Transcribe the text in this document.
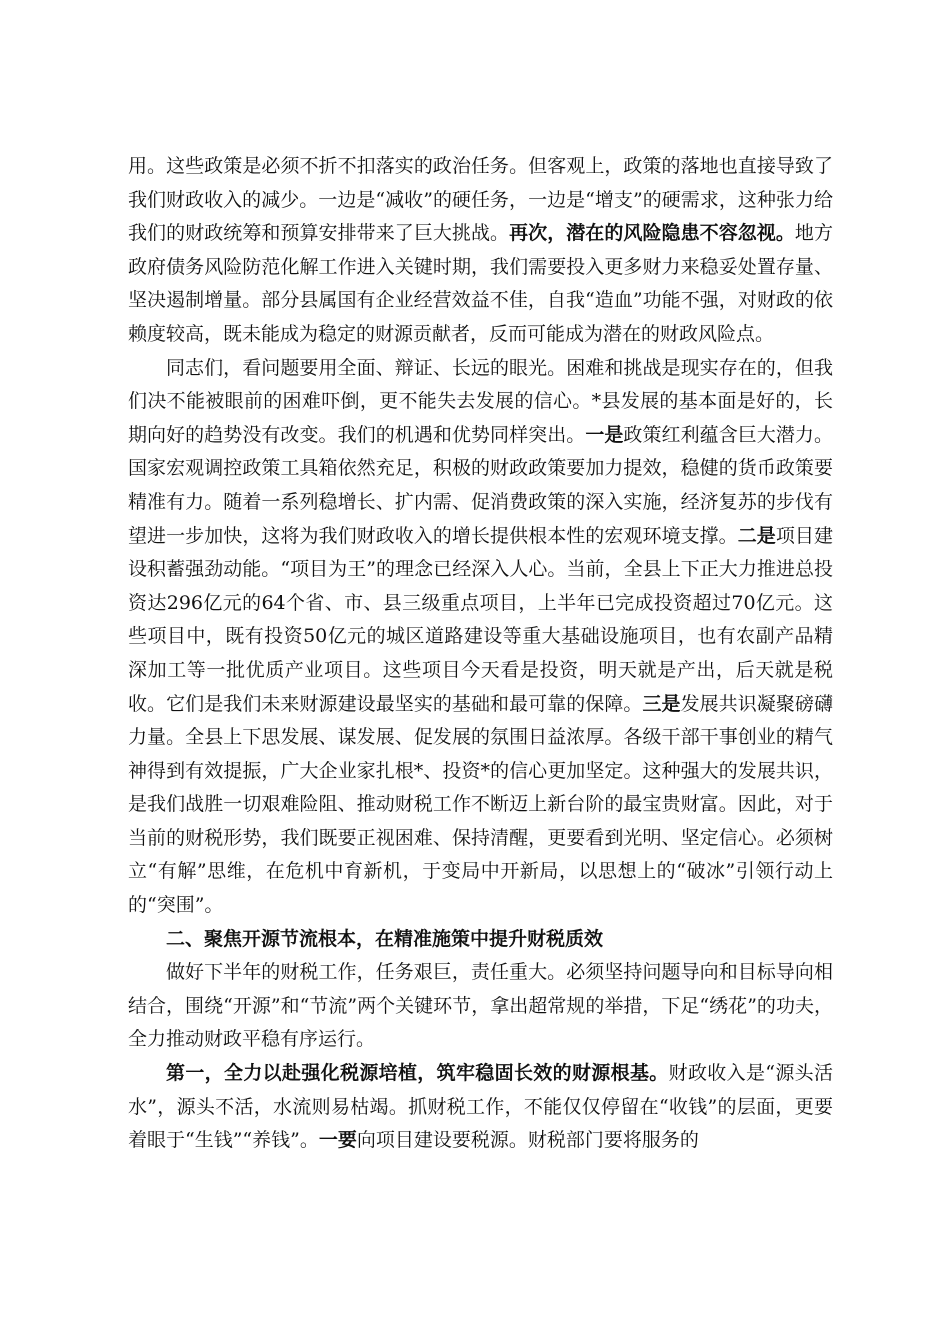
用。这些政策是必须不折不扣落实的政治任务。但客观上，政策的落地也直接导致了我们财政收入的减少。一边是“减收”的硬任务，一边是“增支”的硬需求，这种张力给我们的财政统筹和预算安排带来了巨大挑战。再次，潜在的风险隐患不容忽视。地方政府债务风险防范化解工作进入关键时期，我们需要投入更多财力来稳妥处置存量、坚决遏制增量。部分县属国有企业经营效益不佳，自我“造血”功能不强，对财政的依赖度较高，既未能成为稳定的财源贡献者，反而可能成为潜在的财政风险点。

同志们，看问题要用全面、辩证、长远的眼光。困难和挑战是现实存在的，但我们决不能被眼前的困难吓倒，更不能失去发展的信心。*县发展的基本面是好的，长期向好的趋势没有改变。我们的机遇和优势同样突出。一是政策红利蕴含巨大潜力。国家宏观调控政策工具箱依然充足，积极的财政政策要加力提效，稳健的货币政策要精准有力。随着一系列稳增长、扩内需、促消费政策的深入实施，经济复苏的步伐有望进一步加快，这将为我们财政收入的增长提供根本性的宏观环境支撑。二是项目建设积蓄强劲动能。“项目为王”的理念已经深入人心。当前，全县上下正大力推进总投资达296亿元的64个省、市、县三级重点项目，上半年已完成投资超过70亿元。这些项目中，既有投资50亿元的城区道路建设等重大基础设施项目，也有农副产品精深加工等一批优质产业项目。这些项目今天看是投资，明天就是产出，后天就是税收。它们是我们未来财源建设最坚实的基础和最可靠的保障。三是发展共识凝聚磅礴力量。全县上下思发展、谋发展、促发展的氛围日益浓厚。各级干部干事创业的精气神得到有效提振，广大企业家扎根*、投资*的信心更加坚定。这种强大的发展共识，是我们战胜一切艰难险阻、推动财税工作不断迈上新台阶的最宝贵财富。因此，对于当前的财税形势，我们既要正视困难、保持清醒，更要看到光明、坚定信心。必须树立“有解”思维，在危机中育新机，于变局中开新局，以思想上的“破冰”引领行动上的“突围”。

二、聚焦开源节流根本，在精准施策中提升财税质效

做好下半年的财税工作，任务艰巨，责任重大。必须坚持问题导向和目标导向相结合，围绕“开源”和“节流”两个关键环节，拿出超常规的举措，下足“绣花”的功夫，全力推动财政平稳有序运行。

第一，全力以赴强化税源培植，筑牢稳固长效的财源根基。财政收入是“源头活水”，源头不活，水流则易枯竭。抓财税工作，不能仅仅停留在“收钱”的层面，更要着眼于“生钱”“养钱”。一要向项目建设要税源。财税部门要将服务的
